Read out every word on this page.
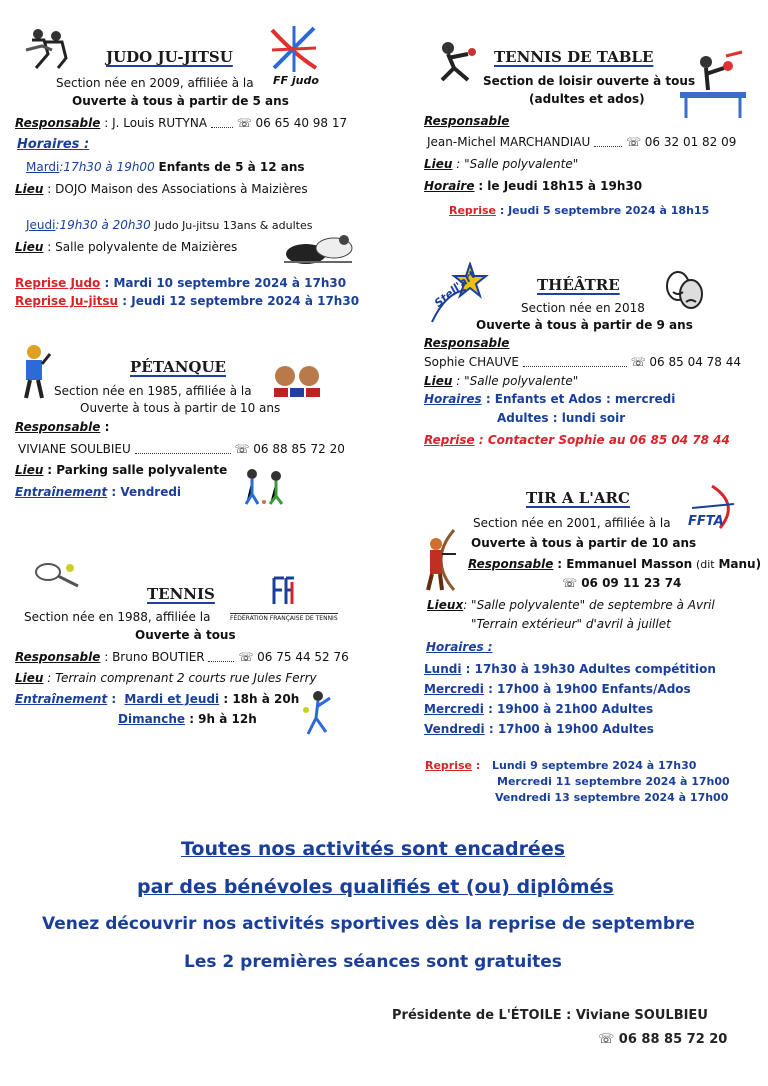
JUDO JU-JITSU
Section née en 2009, affiliée à la FF judo
Ouverte à tous à partir de 5 ans
Responsable : J. Louis RUTYNA ☏ 06 65 40 98 17
Horaires :
Mardi:17h30 à 19h00 Enfants de 5 à 12 ans
Lieu : DOJO Maison des Associations à Maizières
Jeudi:19h30 à 20h30 Judo Ju-jitsu 13ans & adultes
Lieu : Salle polyvalente de Maizières
Reprise Judo : Mardi 10 septembre 2024 à 17h30
Reprise Ju-jitsu : Jeudi 12 septembre 2024 à 17h30
TENNIS DE TABLE
Section de loisir ouverte à tous
(adultes et ados)
Responsable
Jean-Michel MARCHANDIAU	☏ 06 32 01 82 09
Lieu : "Salle polyvalente"
Horaire : le Jeudi 18h15 à 19h30
Reprise : Jeudi 5 septembre 2024 à 18h15
Stell'art	THÉÂTRE
Section née en 2018
Ouverte à tous à partir de 9 ans
Responsable
Sophie CHAUVE	☏ 06 85 04 78 44
Lieu : "Salle polyvalente"
Horaires : Enfants et Ados : mercredi
Adultes : lundi soir
Reprise : Contacter Sophie au 06 85 04 78 44
PÉTANQUE
Section née en 1985, affiliée à la
Ouverte à tous à partir de 10 ans
Responsable :
VIVIANE SOULBIEU	☏ 06 88 85 72 20
Lieu : Parking salle polyvalente
Entraînement : Vendredi	TIR A L'ARC
Section née en 2001, affiliée à la FFTA
Ouverte à tous à partir de 10 ans
Responsable : Emmanuel Masson (dit Manu)
☏ 06 09 11 23 74
Lieux: "Salle polyvalente" de septembre à Avril
"Terrain extérieur" d'avril à juillet
Horaires :
Lundi : 17h30 à 19h30 Adultes compétition
Mercredi : 17h00 à 19h00 Enfants/Ados
Mercredi : 19h00 à 21h00 Adultes
Vendredi : 17h00 à 19h00 Adultes
Reprise : Lundi 9 septembre 2024 à 17h30
Mercredi 11 septembre 2024 à 17h00
Vendredi 13 septembre 2024 à 17h00
TENNIS
Section née en 1988, affiliée la	FÉDÉRATION FRANÇAISE DE TENNIS
Ouverte à tous
Responsable : Bruno BOUTIER	☏ 06 75 44 52 76
Lieu : Terrain comprenant 2 courts rue Jules Ferry
Entraînement : Mardi et Jeudi : 18h à 20h
Dimanche : 9h à 12h
Toutes nos activités sont encadrées
par des bénévoles qualifiés et (ou) diplômés
Venez découvrir nos activités sportives dès la reprise de septembre
Les 2 premières séances sont gratuites
Présidente de L'ÉTOILE : Viviane SOULBIEU
☏ 06 88 85 72 20
